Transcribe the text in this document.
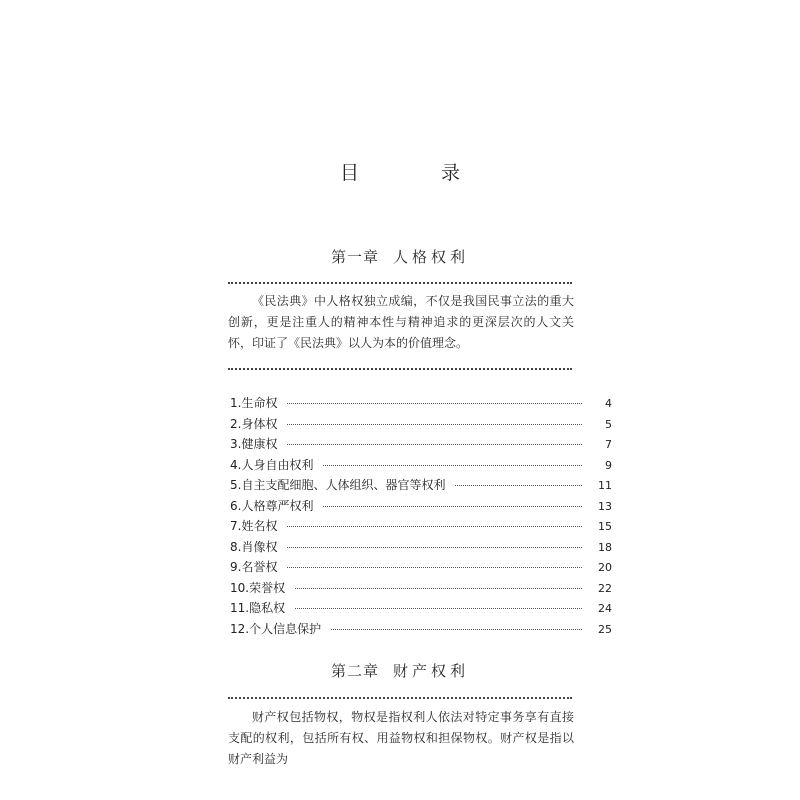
目 录
第一章 人格权利
《民法典》中人格权独立成编，不仅是我国民事立法的重大创新，更是注重人的精神本性与精神追求的更深层次的人文关怀，印证了《民法典》以人为本的价值理念。
1. 生命权	4
2. 身体权	5
3. 健康权	7
4. 人身自由权利	9
5. 自主支配细胞、人体组织、器官等权利	11
6. 人格尊严权利	13
7. 姓名权	15
8. 肖像权	18
9. 名誉权	20
10. 荣誉权	22
11. 隐私权	24
12. 个人信息保护	25
第二章 财产权利
财产权包括物权，物权是指权利人依法对特定事务享有直接支配的权利，包括所有权、用益物权和担保物权。财产权是指以财产利益为
